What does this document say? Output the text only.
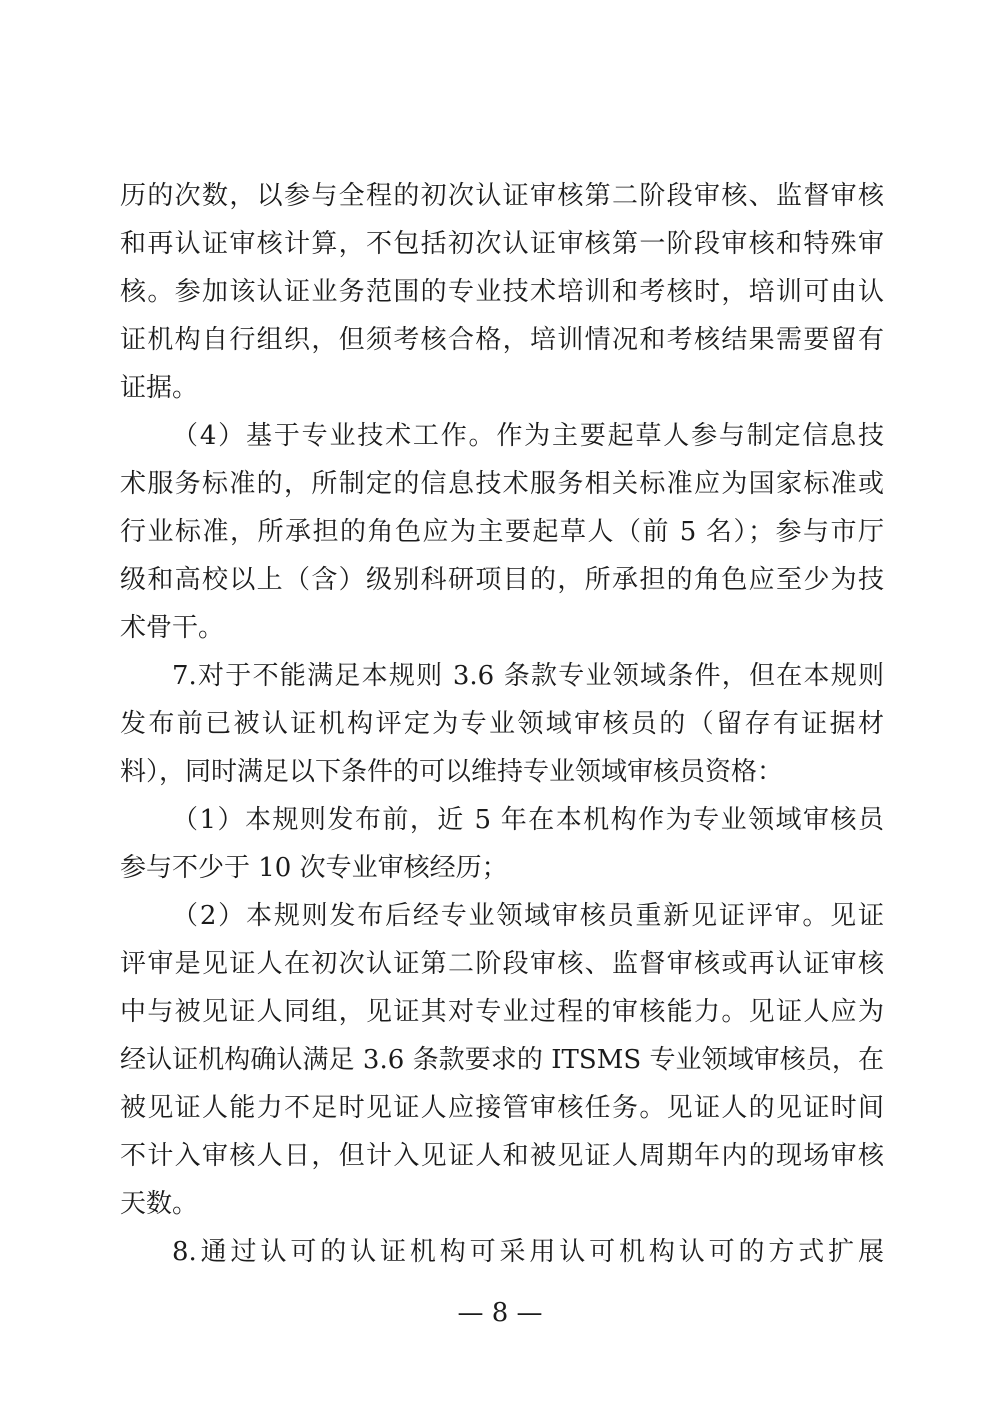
历的次数，以参与全程的初次认证审核第二阶段审核、监督审核
和再认证审核计算，不包括初次认证审核第一阶段审核和特殊审
核。参加该认证业务范围的专业技术培训和考核时，培训可由认
证机构自行组织，但须考核合格，培训情况和考核结果需要留有
证据。
（4）基于专业技术工作。作为主要起草人参与制定信息技
术服务标准的，所制定的信息技术服务相关标准应为国家标准或
行业标准，所承担的角色应为主要起草人（前 5 名）；参与市厅
级和高校以上（含）级别科研项目的，所承担的角色应至少为技
术骨干。
7.对于不能满足本规则 3.6 条款专业领域条件，但在本规则
发布前已被认证机构评定为专业领域审核员的（留存有证据材
料），同时满足以下条件的可以维持专业领域审核员资格：
（1）本规则发布前，近 5 年在本机构作为专业领域审核员
参与不少于 10 次专业审核经历；
（2）本规则发布后经专业领域审核员重新见证评审。见证
评审是见证人在初次认证第二阶段审核、监督审核或再认证审核
中与被见证人同组，见证其对专业过程的审核能力。见证人应为
经认证机构确认满足 3.6 条款要求的 ITSMS 专业领域审核员，在
被见证人能力不足时见证人应接管审核任务。见证人的见证时间
不计入审核人日，但计入见证人和被见证人周期年内的现场审核
天数。
8.通过认可的认证机构可采用认可机构认可的方式扩展
— 8 —
